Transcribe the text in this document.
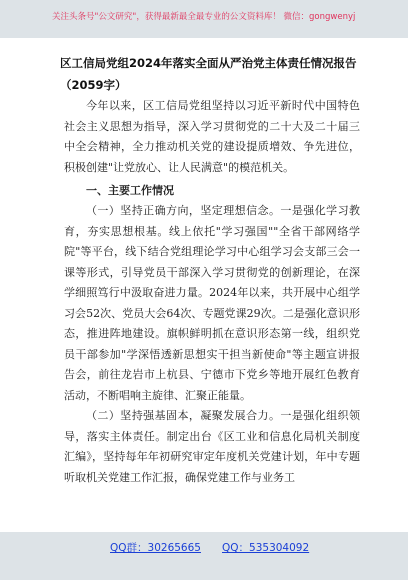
关注头条号"公文研究"，获得最新最全最专业的公文资料库！ 微信：gongwenyj
区工信局党组2024年落实全面从严治党主体责任情况报告
（2059字）

今年以来，区工信局党组坚持以习近平新时代中国特色社会主义思想为指导，深入学习贯彻党的二十大及二十届三中全会精神，全力推动机关党的建设提质增效、争先进位，积极创建"让党放心、让人民满意"的模范机关。

一、主要工作情况

（一）坚持正确方向，坚定理想信念。一是强化学习教育，夯实思想根基。线上依托"学习强国""全省干部网络学院"等平台，线下结合党组理论学习中心组学习会支部三会一课等形式，引导党员干部深入学习贯彻党的创新理论，在深学细照笃行中汲取奋进力量。2024年以来，共开展中心组学习会52次、党员大会64次、专题党课29次。二是强化意识形态，推进阵地建设。旗帜鲜明抓在意识形态第一线，组织党员干部参加"学深悟透新思想实干担当新使命"等主题宣讲报告会，前往龙岩市上杭县、宁德市下党乡等地开展红色教育活动，不断唱响主旋律、汇聚正能量。

（二）坚持强基固本，凝聚发展合力。一是强化组织领导，落实主体责任。制定出台《区工业和信息化局机关制度汇编》，坚持每年年初研究审定年度机关党建计划，年中专题听取机关党建工作汇报，确保党建工作与业务工

QQ群：30265665 QQ：535304092
